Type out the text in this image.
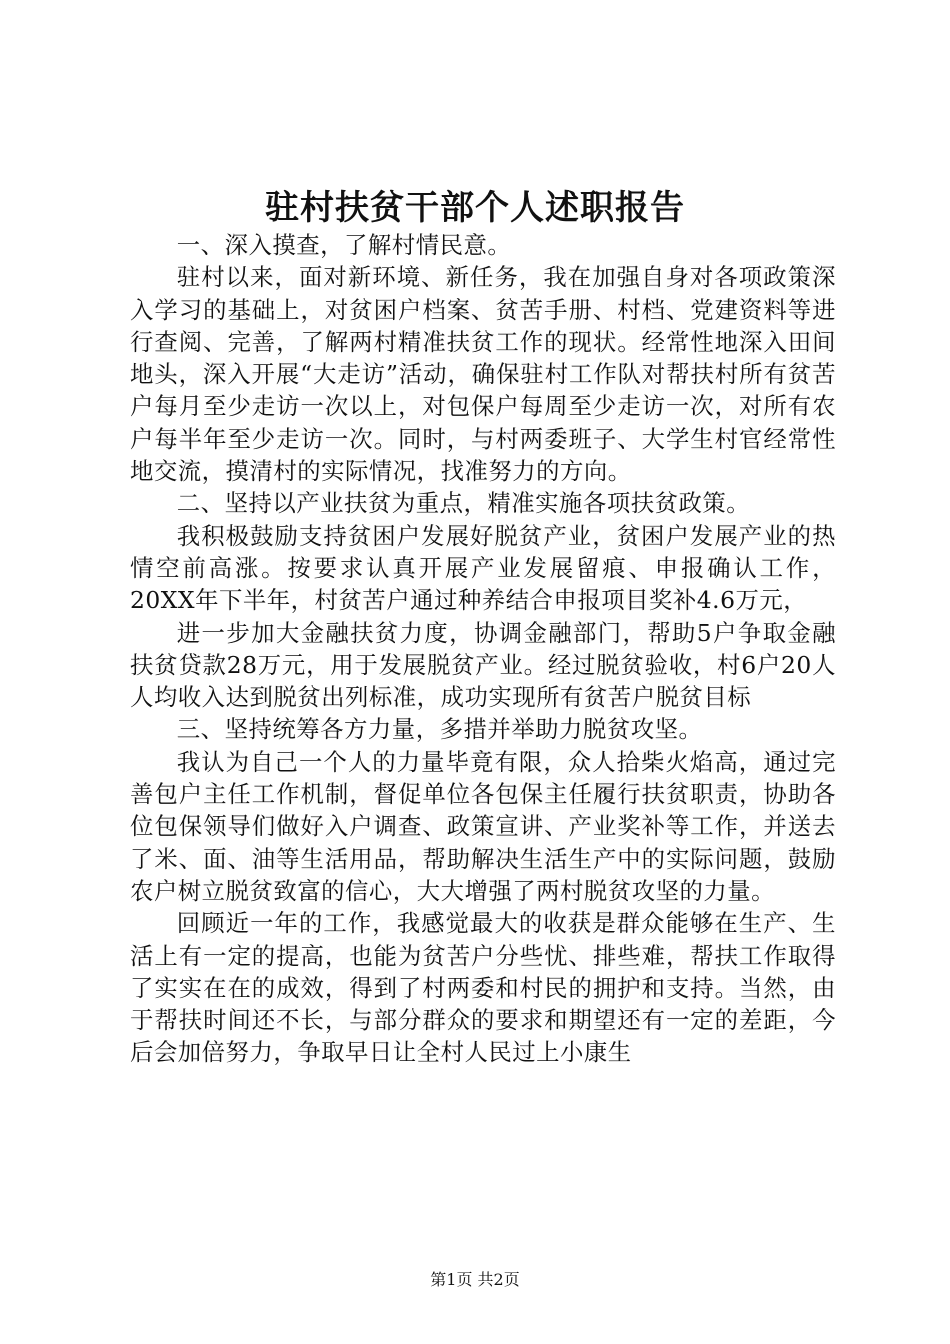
驻村扶贫干部个人述职报告

一、深入摸查，了解村情民意。

驻村以来，面对新环境、新任务，我在加强自身对各项政策深入学习的基础上，对贫困户档案、贫苦手册、村档、党建资料等进行查阅、完善，了解两村精准扶贫工作的现状。经常性地深入田间地头，深入开展“大走访”活动，确保驻村工作队对帮扶村所有贫苦户每月至少走访一次以上，对包保户每周至少走访一次，对所有农户每半年至少走访一次。同时，与村两委班子、大学生村官经常性地交流，摸清村的实际情况，找准努力的方向。

二、坚持以产业扶贫为重点，精准实施各项扶贫政策。

我积极鼓励支持贫困户发展好脱贫产业，贫困户发展产业的热情空前高涨。按要求认真开展产业发展留痕、申报确认工作，20XX年下半年，村贫苦户通过种养结合申报项目奖补4.6万元，

进一步加大金融扶贫力度，协调金融部门，帮助5户争取金融扶贫贷款28万元，用于发展脱贫产业。经过脱贫验收，村6户20人人均收入达到脱贫出列标准，成功实现所有贫苦户脱贫目标

三、坚持统筹各方力量，多措并举助力脱贫攻坚。

我认为自己一个人的力量毕竟有限，众人拾柴火焰高，通过完善包户主任工作机制，督促单位各包保主任履行扶贫职责，协助各位包保领导们做好入户调查、政策宣讲、产业奖补等工作，并送去了米、面、油等生活用品，帮助解决生活生产中的实际问题，鼓励农户树立脱贫致富的信心，大大增强了两村脱贫攻坚的力量。

回顾近一年的工作，我感觉最大的收获是群众能够在生产、生活上有一定的提高，也能为贫苦户分些忧、排些难，帮扶工作取得了实实在在的成效，得到了村两委和村民的拥护和支持。当然，由于帮扶时间还不长，与部分群众的要求和期望还有一定的差距，今后会加倍努力，争取早日让全村人民过上小康生

第1页 共2页
